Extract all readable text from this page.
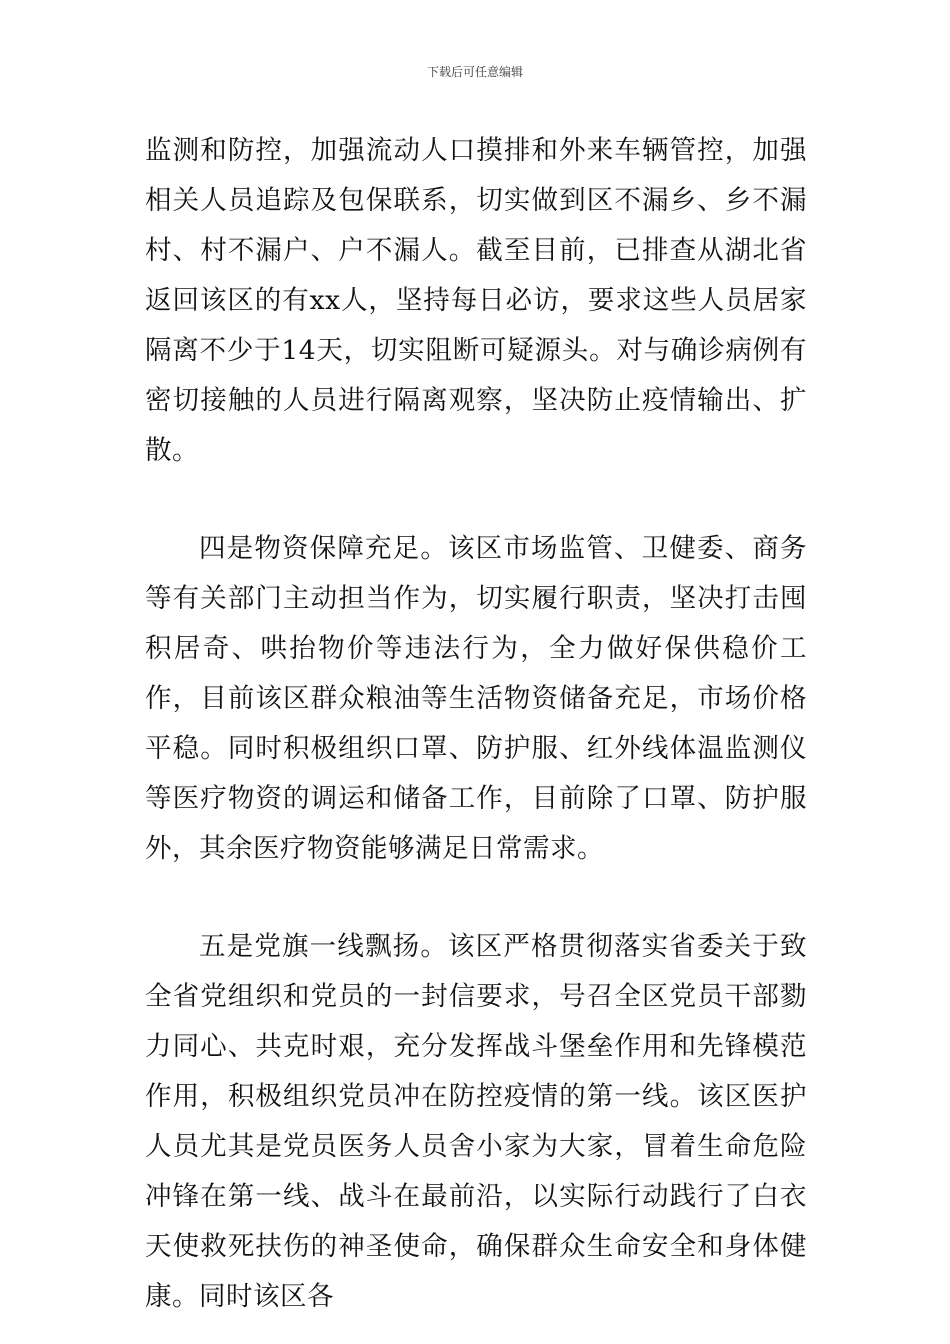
下载后可任意编辑

监测和防控，加强流动人口摸排和外来车辆管控，加强相关人员追踪及包保联系，切实做到区不漏乡、乡不漏村、村不漏户、户不漏人。截至目前，已排查从湖北省返回该区的有xx人，坚持每日必访，要求这些人员居家隔离不少于14天，切实阻断可疑源头。对与确诊病例有密切接触的人员进行隔离观察，坚决防止疫情输出、扩散。

四是物资保障充足。该区市场监管、卫健委、商务等有关部门主动担当作为，切实履行职责，坚决打击囤积居奇、哄抬物价等违法行为，全力做好保供稳价工作，目前该区群众粮油等生活物资储备充足，市场价格平稳。同时积极组织口罩、防护服、红外线体温监测仪等医疗物资的调运和储备工作，目前除了口罩、防护服外，其余医疗物资能够满足日常需求。

五是党旗一线飘扬。该区严格贯彻落实省委关于致全省党组织和党员的一封信要求，号召全区党员干部勠力同心、共克时艰，充分发挥战斗堡垒作用和先锋模范作用，积极组织党员冲在防控疫情的第一线。该区医护人员尤其是党员医务人员舍小家为大家，冒着生命危险冲锋在第一线、战斗在最前沿，以实际行动践行了白衣天使救死扶伤的神圣使命，确保群众生命安全和身体健康。同时该区各
